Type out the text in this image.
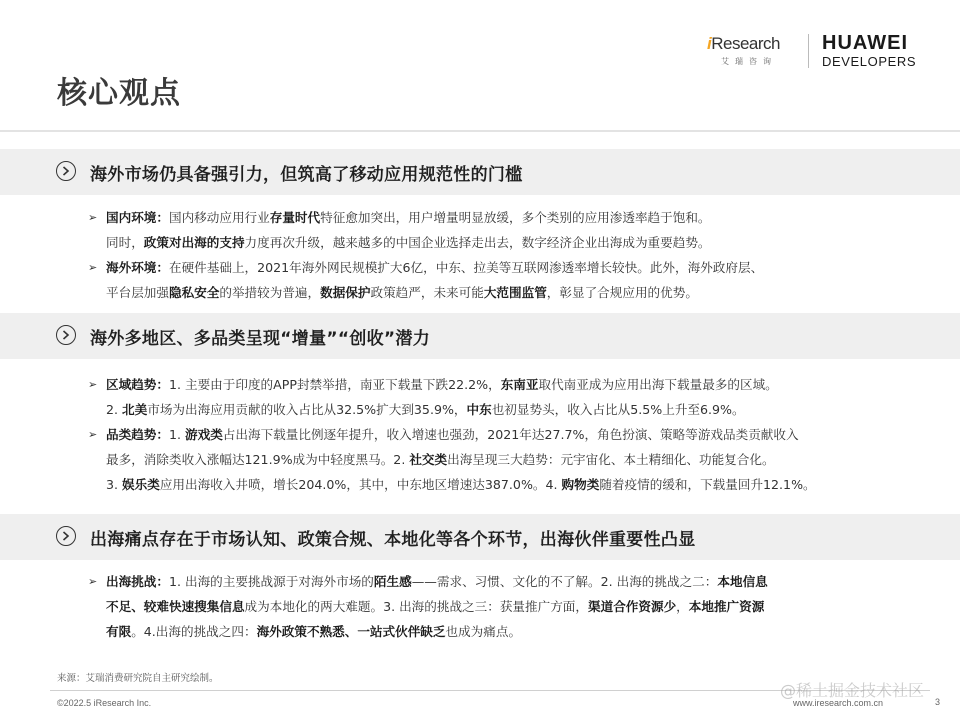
核心观点
iResearch
艾瑞咨询
HUAWEI
DEVELOPERS
海外市场仍具备强引力，但筑高了移动应用规范性的门槛
➢ 国内环境：国内移动应用行业存量时代特征愈加突出，用户增量明显放缓，多个类别的应用渗透率趋于饱和。
同时，政策对出海的支持力度再次升级，越来越多的中国企业选择走出去，数字经济企业出海成为重要趋势。
➢ 海外环境：在硬件基础上，2021年海外网民规模扩大6亿，中东、拉美等互联网渗透率增长较快。此外，海外政府层、
平台层加强隐私安全的举措较为普遍，数据保护政策趋严，未来可能大范围监管，彰显了合规应用的优势。
海外多地区、多品类呈现“增量”“创收”潜力
➢ 区域趋势：1. 主要由于印度的APP封禁举措，南亚下载量下跌22.2%，东南亚取代南亚成为应用出海下载量最多的区域。
2. 北美市场为出海应用贡献的收入占比从32.5%扩大到35.9%，中东也初显势头，收入占比从5.5%上升至6.9%。
➢ 品类趋势：1. 游戏类占出海下载量比例逐年提升，收入增速也强劲，2021年达27.7%，角色扮演、策略等游戏品类贡献收入
最多，消除类收入涨幅达121.9%成为中轻度黑马。2. 社交类出海呈现三大趋势：元宇宙化、本土精细化、功能复合化。
3. 娱乐类应用出海收入井喷，增长204.0%，其中，中东地区增速达387.0%。4. 购物类随着疫情的缓和，下载量回升12.1%。
出海痛点存在于市场认知、政策合规、本地化等各个环节，出海伙伴重要性凸显
➢ 出海挑战：1. 出海的主要挑战源于对海外市场的陌生感——需求、习惯、文化的不了解。2. 出海的挑战之二：本地信息
不足、较难快速搜集信息成为本地化的两大难题。3. 出海的挑战之三：获量推广方面，渠道合作资源少，本地推广资源
有限。4.出海的挑战之四：海外政策不熟悉、一站式伙伴缺乏也成为痛点。
来源：艾瑞消费研究院自主研究绘制。
©2022.5 iResearch Inc.	www.iresearch.com.cn	3
@稀土掘金技术社区
